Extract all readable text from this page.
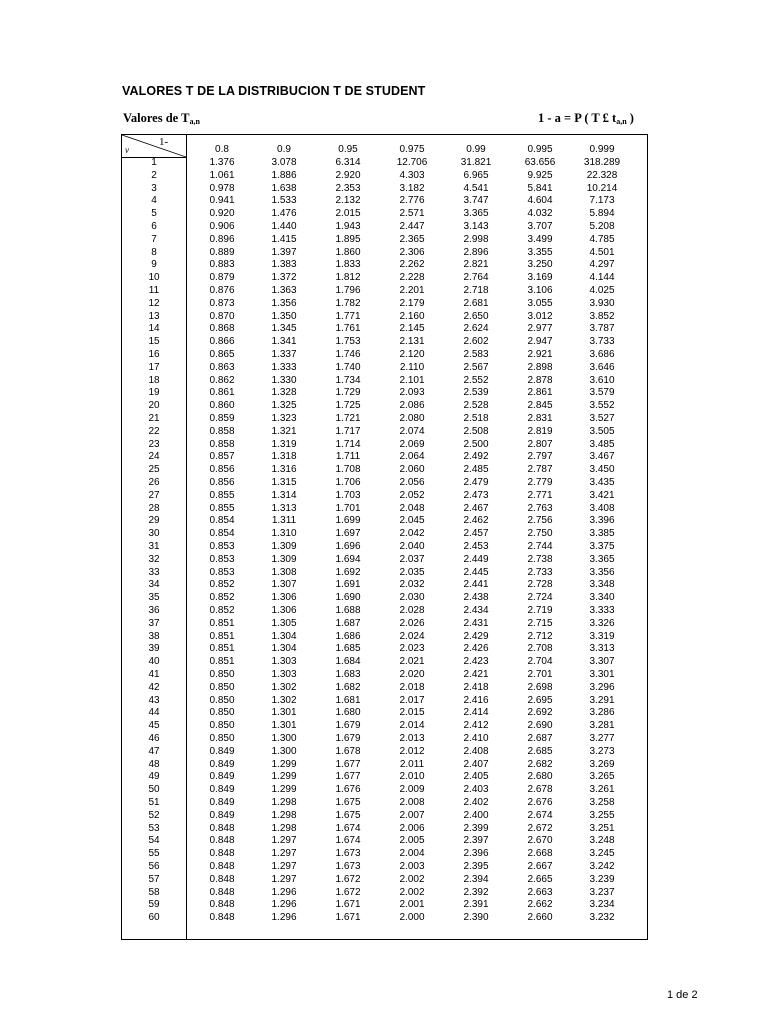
VALORES T DE LA DISTRIBUCION T DE STUDENT
Valores de $T_{a,n}$	1 - a = P ( T £ $t_{a,n}$ )
1-
ν	0.8	0.9	0.95	0.975	0.99	0.995	0.999
1	1.376	3.078	6.314	12.706	31.821	63.656	318.289
2	1.061	1.886	2.920	4.303	6.965	9.925	22.328
3	0.978	1.638	2.353	3.182	4.541	5.841	10.214
4	0.941	1.533	2.132	2.776	3.747	4.604	7.173
5	0.920	1.476	2.015	2.571	3.365	4.032	5.894
6	0.906	1.440	1.943	2.447	3.143	3.707	5.208
7	0.896	1.415	1.895	2.365	2.998	3.499	4.785
8	0.889	1.397	1.860	2.306	2.896	3.355	4.501
9	0.883	1.383	1.833	2.262	2.821	3.250	4.297
10	0.879	1.372	1.812	2.228	2.764	3.169	4.144
11	0.876	1.363	1.796	2.201	2.718	3.106	4.025
12	0.873	1.356	1.782	2.179	2.681	3.055	3.930
13	0.870	1.350	1.771	2.160	2.650	3.012	3.852
14	0.868	1.345	1.761	2.145	2.624	2.977	3.787
15	0.866	1.341	1.753	2.131	2.602	2.947	3.733
16	0.865	1.337	1.746	2.120	2.583	2.921	3.686
17	0.863	1.333	1.740	2.110	2.567	2.898	3.646
18	0.862	1.330	1.734	2.101	2.552	2.878	3.610
19	0.861	1.328	1.729	2.093	2.539	2.861	3.579
20	0.860	1.325	1.725	2.086	2.528	2.845	3.552
21	0.859	1.323	1.721	2.080	2.518	2.831	3.527
22	0.858	1.321	1.717	2.074	2.508	2.819	3.505
23	0.858	1.319	1.714	2.069	2.500	2.807	3.485
24	0.857	1.318	1.711	2.064	2.492	2.797	3.467
25	0.856	1.316	1.708	2.060	2.485	2.787	3.450
26	0.856	1.315	1.706	2.056	2.479	2.779	3.435
27	0.855	1.314	1.703	2.052	2.473	2.771	3.421
28	0.855	1.313	1.701	2.048	2.467	2.763	3.408
29	0.854	1.311	1.699	2.045	2.462	2.756	3.396
30	0.854	1.310	1.697	2.042	2.457	2.750	3.385
31	0.853	1.309	1.696	2.040	2.453	2.744	3.375
32	0.853	1.309	1.694	2.037	2.449	2.738	3.365
33	0.853	1.308	1.692	2.035	2.445	2.733	3.356
34	0.852	1.307	1.691	2.032	2.441	2.728	3.348
35	0.852	1.306	1.690	2.030	2.438	2.724	3.340
36	0.852	1.306	1.688	2.028	2.434	2.719	3.333
37	0.851	1.305	1.687	2.026	2.431	2.715	3.326
38	0.851	1.304	1.686	2.024	2.429	2.712	3.319
39	0.851	1.304	1.685	2.023	2.426	2.708	3.313
40	0.851	1.303	1.684	2.021	2.423	2.704	3.307
41	0.850	1.303	1.683	2.020	2.421	2.701	3.301
42	0.850	1.302	1.682	2.018	2.418	2.698	3.296
43	0.850	1.302	1.681	2.017	2.416	2.695	3.291
44	0.850	1.301	1.680	2.015	2.414	2.692	3.286
45	0.850	1.301	1.679	2.014	2.412	2.690	3.281
46	0.850	1.300	1.679	2.013	2.410	2.687	3.277
47	0.849	1.300	1.678	2.012	2.408	2.685	3.273
48	0.849	1.299	1.677	2.011	2.407	2.682	3.269
49	0.849	1.299	1.677	2.010	2.405	2.680	3.265
50	0.849	1.299	1.676	2.009	2.403	2.678	3.261
51	0.849	1.298	1.675	2.008	2.402	2.676	3.258
52	0.849	1.298	1.675	2.007	2.400	2.674	3.255
53	0.848	1.298	1.674	2.006	2.399	2.672	3.251
54	0.848	1.297	1.674	2.005	2.397	2.670	3.248
55	0.848	1.297	1.673	2.004	2.396	2.668	3.245
56	0.848	1.297	1.673	2.003	2.395	2.667	3.242
57	0.848	1.297	1.672	2.002	2.394	2.665	3.239
58	0.848	1.296	1.672	2.002	2.392	2.663	3.237
59	0.848	1.296	1.671	2.001	2.391	2.662	3.234
60	0.848	1.296	1.671	2.000	2.390	2.660	3.232
1 de 2
